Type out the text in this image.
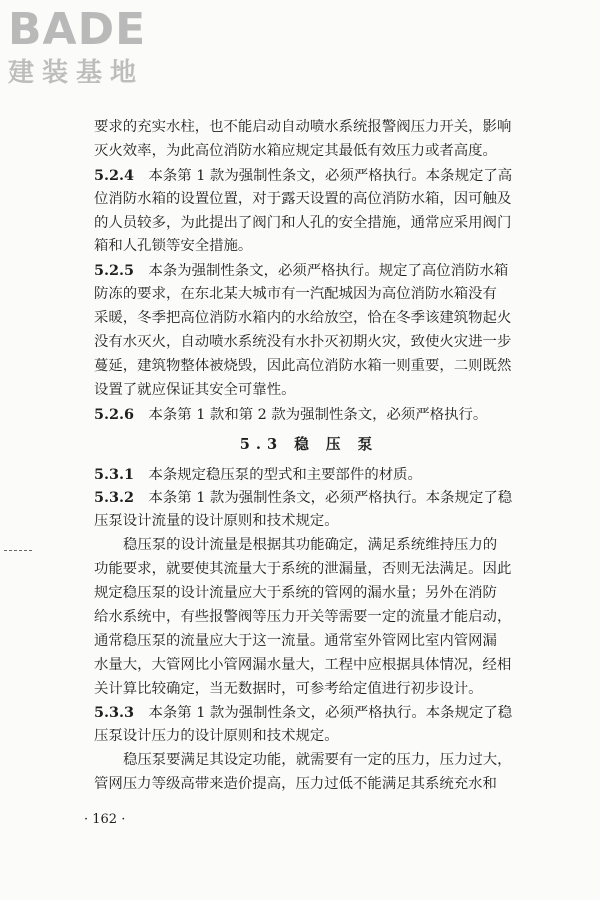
BADE
建装基地
要求的充实水柱，也不能启动自动喷水系统报警阀压力开关，影响
灭火效率，为此高位消防水箱应规定其最低有效压力或者高度。
5.2.4  本条第 1 款为强制性条文，必须严格执行。本条规定了高
位消防水箱的设置位置，对于露天设置的高位消防水箱，因可触及
的人员较多，为此提出了阀门和人孔的安全措施，通常应采用阀门
箱和人孔锁等安全措施。
5.2.5  本条为强制性条文，必须严格执行。规定了高位消防水箱
防冻的要求，在东北某大城市有一汽配城因为高位消防水箱没有
采暖，冬季把高位消防水箱内的水给放空，恰在冬季该建筑物起火
没有水灭火，自动喷水系统没有水扑灭初期火灾，致使火灾进一步
蔓延，建筑物整体被烧毁，因此高位消防水箱一则重要，二则既然
设置了就应保证其安全可靠性。
5.2.6  本条第 1 款和第 2 款为强制性条文，必须严格执行。
5.3 稳 压 泵
5.3.1  本条规定稳压泵的型式和主要部件的材质。
5.3.2  本条第 1 款为强制性条文，必须严格执行。本条规定了稳
压泵设计流量的设计原则和技术规定。
稳压泵的设计流量是根据其功能确定，满足系统维持压力的
功能要求，就要使其流量大于系统的泄漏量，否则无法满足。因此
规定稳压泵的设计流量应大于系统的管网的漏水量；另外在消防
给水系统中，有些报警阀等压力开关等需要一定的流量才能启动，
通常稳压泵的流量应大于这一流量。通常室外管网比室内管网漏
水量大，大管网比小管网漏水量大，工程中应根据具体情况，经相
关计算比较确定，当无数据时，可参考给定值进行初步设计。
5.3.3  本条第 1 款为强制性条文，必须严格执行。本条规定了稳
压泵设计压力的设计原则和技术规定。
稳压泵要满足其设定功能，就需要有一定的压力，压力过大，
管网压力等级高带来造价提高，压力过低不能满足其系统充水和
· 162 ·
